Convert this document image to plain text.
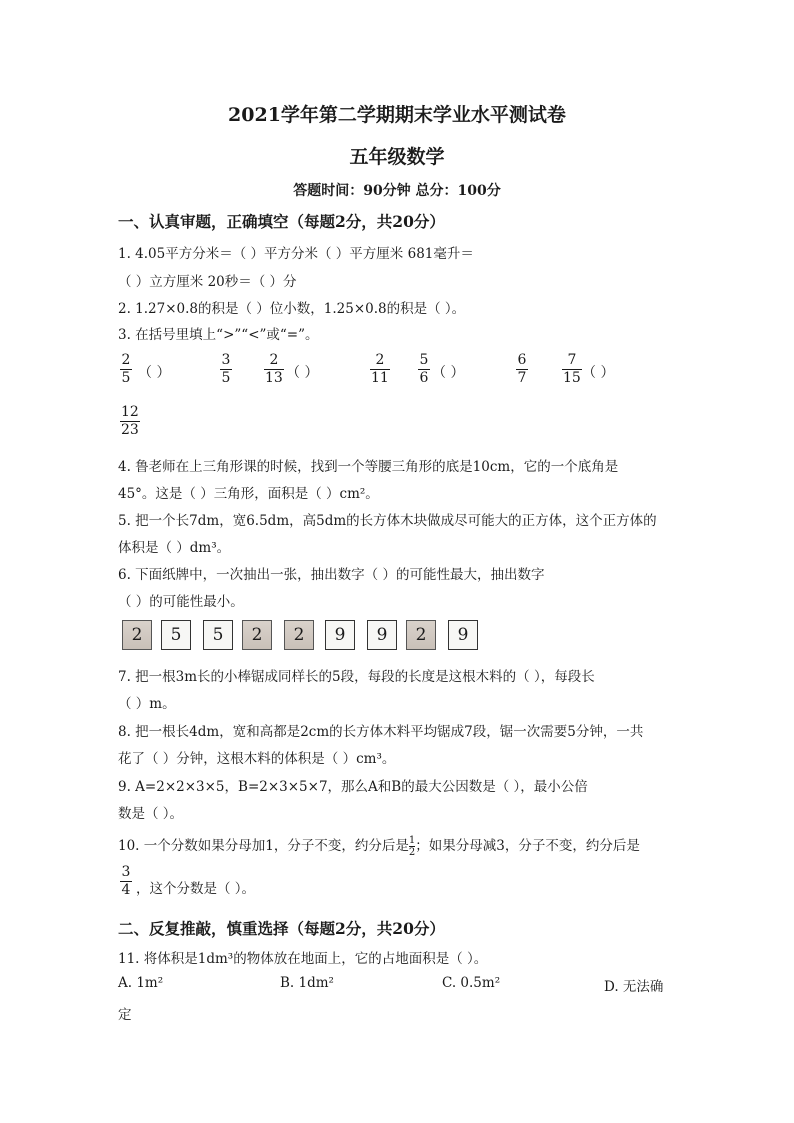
2021学年第二学期期末学业水平测试卷
五年级数学
答题时间：90分钟 总分：100分
一、认真审题，正确填空（每题2分，共20分）
1. 4.05平方分米＝（ ）平方分米（ ）平方厘米 681毫升＝
（ ）立方厘米 20秒＝（ ）分
2. 1.27×0.8的积是（ ）位小数，1.25×0.8的积是（ ）。
3. 在括号里填上“>”“<”或“=”。
2
5 （ ）
3
5
2
13 （ ）
2
11
5
6 （ ）
6
7
7
15 （ ）
12
23
4. 鲁老师在上三角形课的时候，找到一个等腰三角形的底是10cm，它的一个底角是
45°。这是（ ）三角形，面积是（ ）cm²。
5. 把一个长7dm，宽6.5dm，高5dm的长方体木块做成尽可能大的正方体，这个正方体的
体积是（ ）dm³。
6. 下面纸牌中，一次抽出一张，抽出数字（ ）的可能性最大，抽出数字
（ ）的可能性最小。
2	5	5	2	2	9	9	2	9
7. 把一根3m长的小棒锯成同样长的5段，每段的长度是这根木料的（ ），每段长
（ ）m。
8. 把一根长4dm，宽和高都是2cm的长方体木料平均锯成7段，锯一次需要5分钟，一共
花了（ ）分钟，这根木料的体积是（ ）cm³。
9. A=2×2×3×5，B=2×3×5×7，那么A和B的最大公因数是（ ），最小公倍
数是（ ）。
10. 一个分数如果分母加1，分子不变，约分后是 $\frac{1}{2}$ ；如果分母减3，分子不变，约分后是
3
4 ，这个分数是（ ）。
二、反复推敲，慎重选择（每题2分，共20分）
11. 将体积是1dm³的物体放在地面上，它的占地面积是（ ）。
A. 1m²	B. 1dm²	C. 0.5m²	D. 无法确
定
